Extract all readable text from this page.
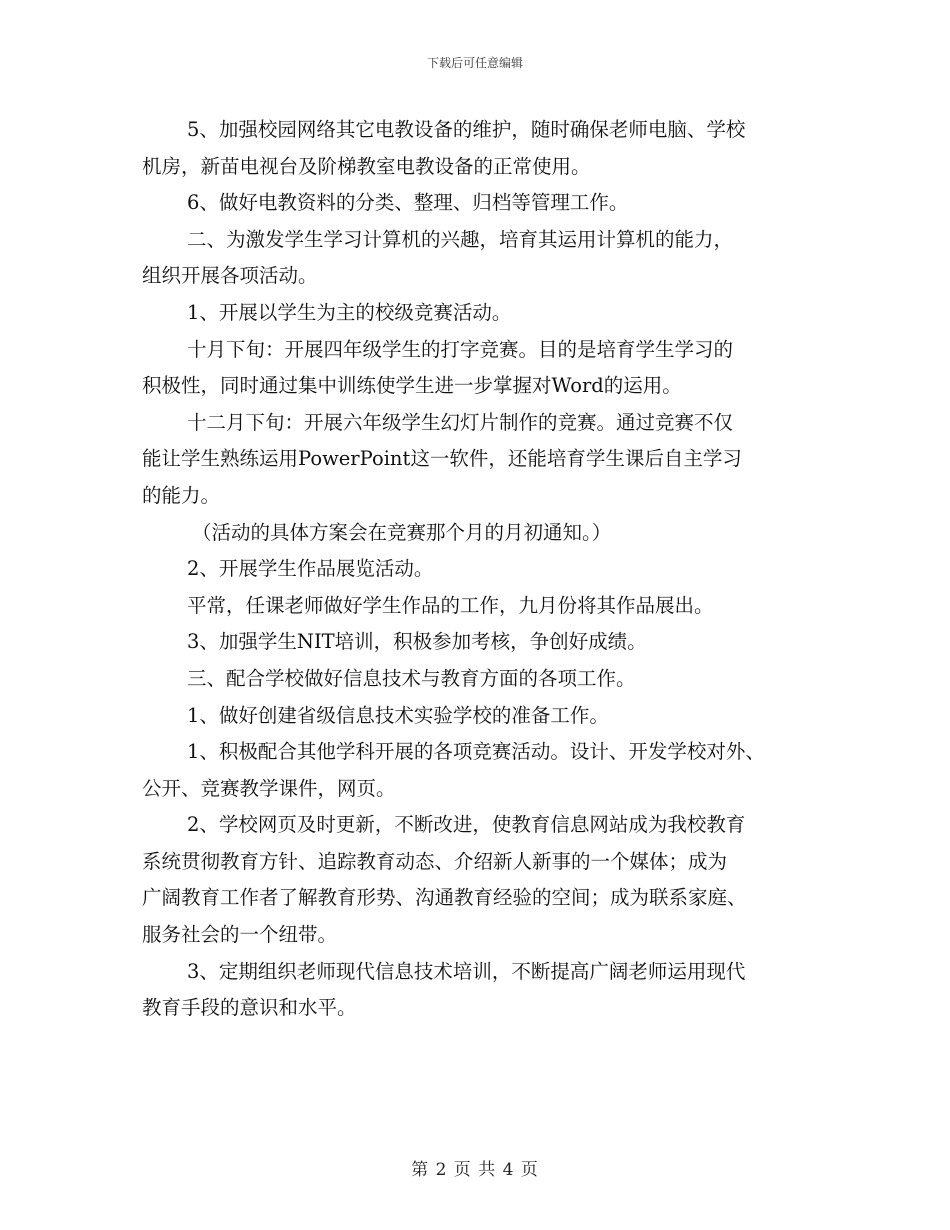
下载后可任意编辑
5、加强校园网络其它电教设备的维护，随时确保老师电脑、学校
机房，新苗电视台及阶梯教室电教设备的正常使用。
6、做好电教资料的分类、整理、归档等管理工作。
二、为激发学生学习计算机的兴趣，培育其运用计算机的能力，
组织开展各项活动。
1、开展以学生为主的校级竞赛活动。
十月下旬：开展四年级学生的打字竞赛。目的是培育学生学习的
积极性，同时通过集中训练使学生进一步掌握对Word的运用。
十二月下旬：开展六年级学生幻灯片制作的竞赛。通过竞赛不仅
能让学生熟练运用PowerPoint这一软件，还能培育学生课后自主学习
的能力。
（活动的具体方案会在竞赛那个月的月初通知。）
2、开展学生作品展览活动。
平常，任课老师做好学生作品的工作，九月份将其作品展出。
3、加强学生NIT培训，积极参加考核，争创好成绩。
三、配合学校做好信息技术与教育方面的各项工作。
1、做好创建省级信息技术实验学校的准备工作。
1、积极配合其他学科开展的各项竞赛活动。设计、开发学校对外、
公开、竞赛教学课件，网页。
2、学校网页及时更新，不断改进，使教育信息网站成为我校教育
系统贯彻教育方针、追踪教育动态、介绍新人新事的一个媒体；成为
广阔教育工作者了解教育形势、沟通教育经验的空间；成为联系家庭、
服务社会的一个纽带。
3、定期组织老师现代信息技术培训，不断提高广阔老师运用现代
教育手段的意识和水平。
第 2 页 共 4 页
